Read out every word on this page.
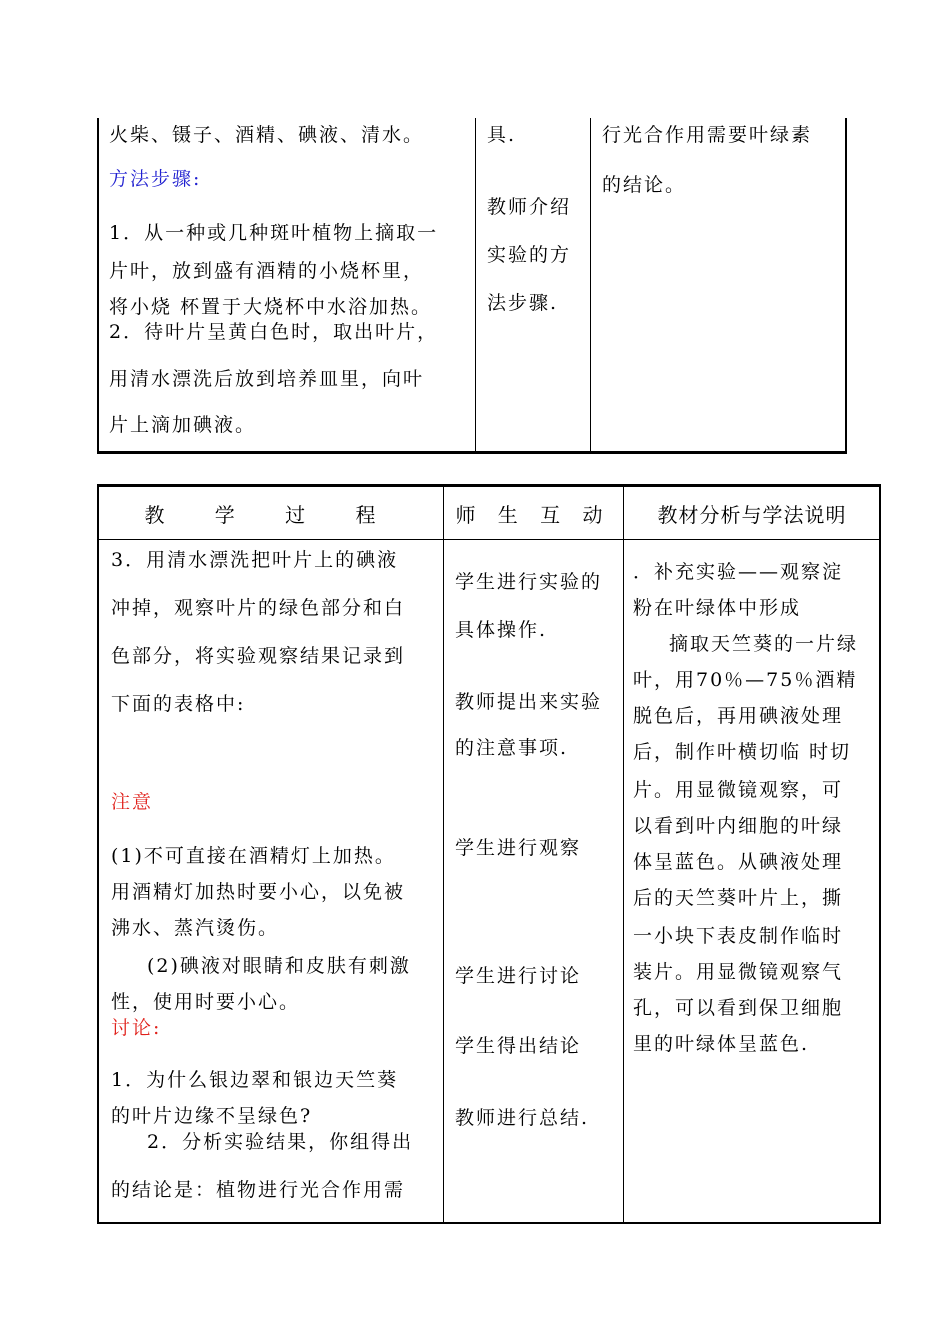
火柴、镊子、酒精、碘液、清水。
方法步骤:
1．从一种或几种斑叶植物上摘取一
片叶，放到盛有酒精的小烧杯里，
将小烧 杯置于大烧杯中水浴加热。
2．待叶片呈黄白色时，取出叶片，
用清水漂洗后放到培养皿里，向叶
片上滴加碘液。
具.
教师介绍
实验的方
法步骤.
行光合作用需要叶绿素
的结论。
教 学 过 程	师 生 互 动	教材分析与学法说明
3．用清水漂洗把叶片上的碘液
冲掉，观察叶片的绿色部分和白
色部分，将实验观察结果记录到
下面的表格中:
注意
(1)不可直接在酒精灯上加热。
用酒精灯加热时要小心，以免被
沸水、蒸汽烫伤。
(2)碘液对眼睛和皮肤有刺激
性，使用时要小心。
讨论:
1．为什么银边翠和银边天竺葵
的叶片边缘不呈绿色?
2．分析实验结果，你组得出
的结论是：植物进行光合作用需
学生进行实验的
具体操作.
教师提出来实验
的注意事项.
学生进行观察
学生进行讨论
学生得出结论
教师进行总结.
．补充实验——观察淀
粉在叶绿体中形成
摘取天竺葵的一片绿
叶，用70％—75％酒精
脱色后，再用碘液处理
后，制作叶横切临 时切
片。用显微镜观察，可
以看到叶内细胞的叶绿
体呈蓝色。从碘液处理
后的天竺葵叶片上，撕
一小块下表皮制作临时
装片。用显微镜观察气
孔，可以看到保卫细胞
里的叶绿体呈蓝色.
